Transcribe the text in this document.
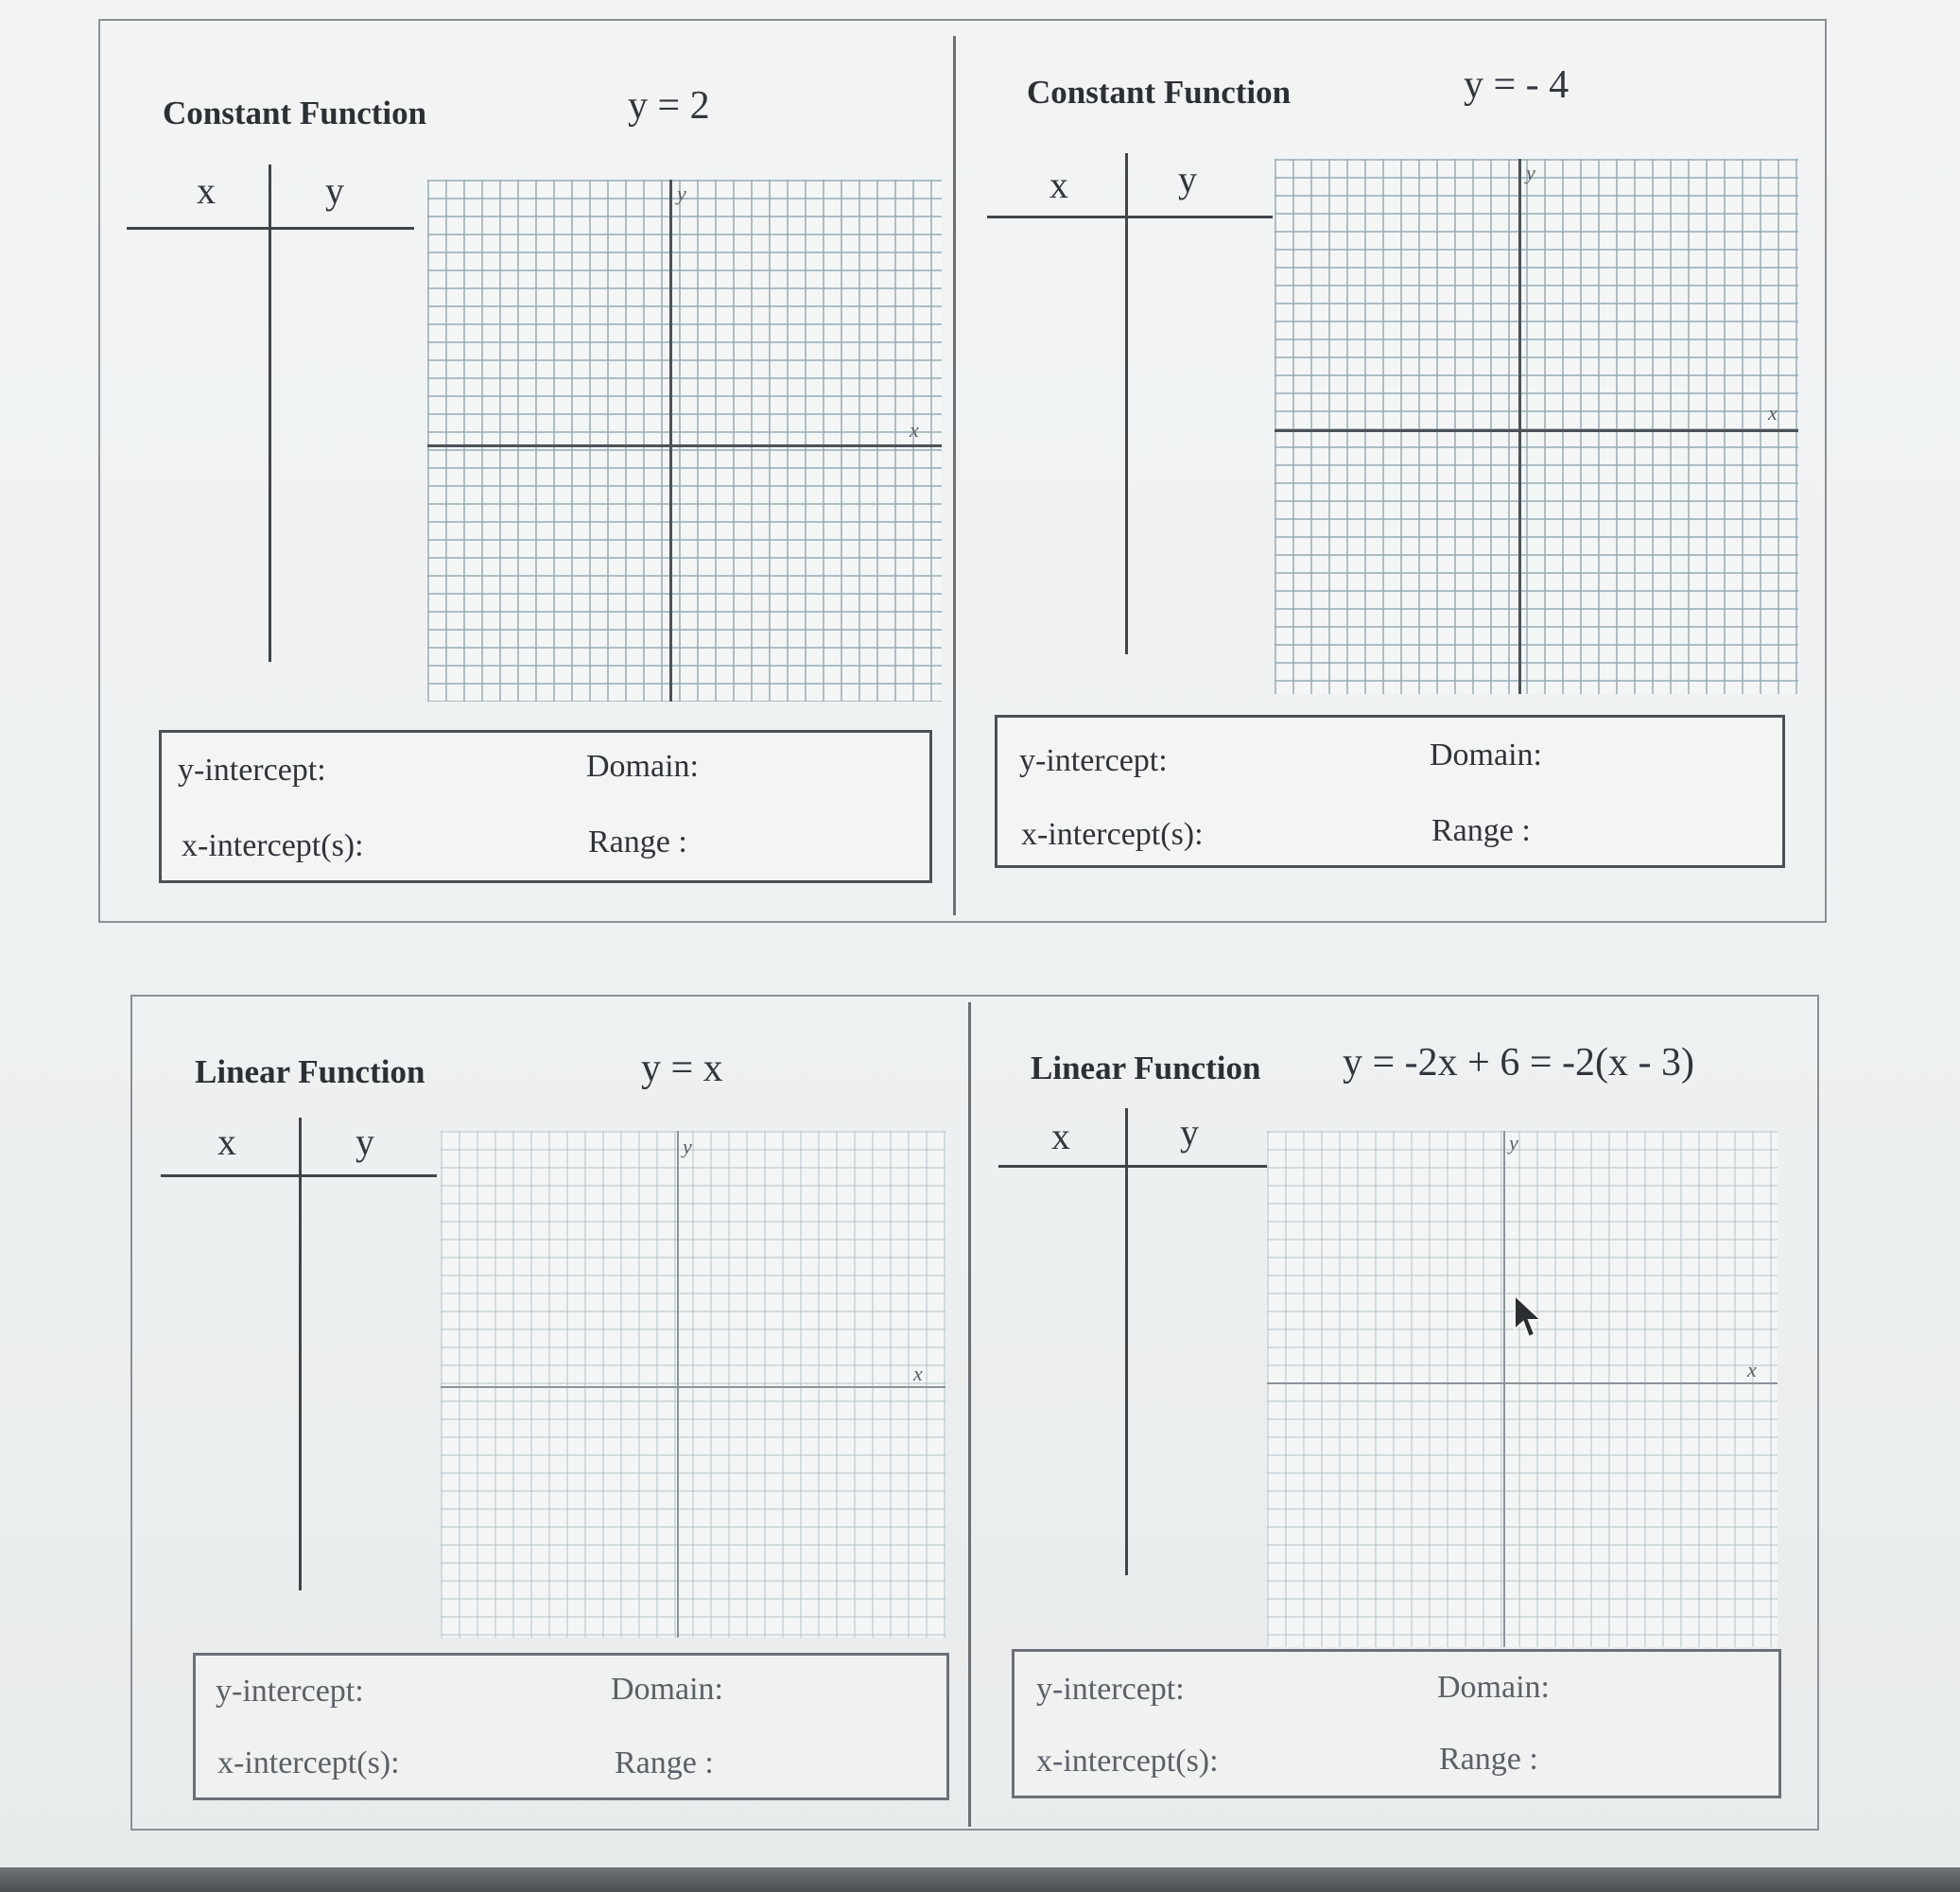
Constant Function	y = 2
x	y
x
y
y-intercept:	Domain:
x-intercept(s):	Range :
Constant Function	y = - 4
x	y
x
y
y-intercept:	Domain:
x-intercept(s):	Range :
Linear Function	y = x
x	y
x
y
y-intercept:	Domain:
x-intercept(s):	Range :
Linear Function y = -2x + 6 = -2(x - 3)
x	y
x
y
y-intercept:	Domain:
x-intercept(s):	Range :
